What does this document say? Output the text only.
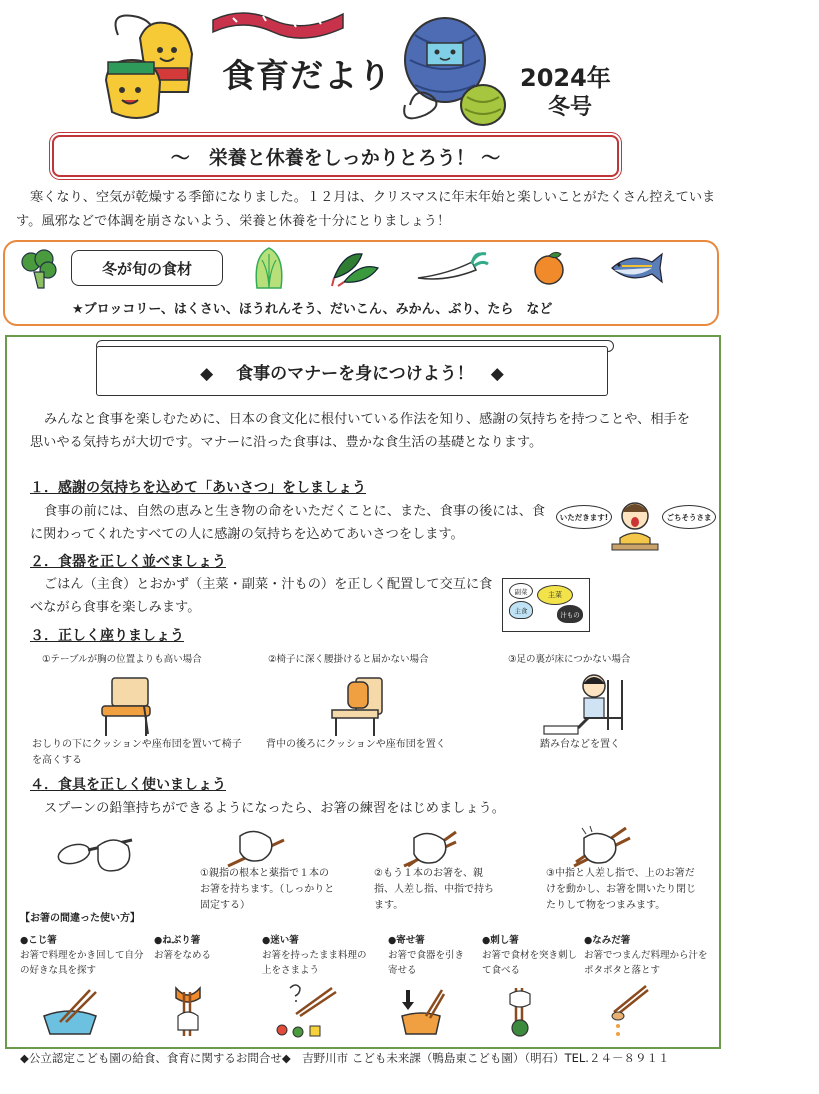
食育だより	2024年
冬号
～　栄養と休養をしっかりとろう！ ～
寒くなり、空気が乾燥する季節になりました。１２月は、クリスマスに年末年始と楽しいことがたくさん控えています。風邪などで体調を崩さないよう、栄養と休養を十分にとりましょう！
冬が旬の食材
★ブロッコリー、はくさい、ほうれんそう、だいこん、みかん、ぶり、たら　など
◆　 食事のマナーを身につけよう！　◆
みんなと食事を楽しむために、日本の食文化に根付いている作法を知り、感謝の気持ちを持つことや、相手を思いやる気持ちが大切です。マナーに沿った食事は、豊かな食生活の基礎となります。
１．感謝の気持ちを込めて「あいさつ」をしましょう
食事の前には、自然の恵みと生き物の命をいただくことに、また、食事の後には、食に関わってくれたすべての人に感謝の気持ちを込めてあいさつをします。
いただきます!	ごちそうさま
２．食器を正しく並べましょう
ごはん（主食）とおかず（主菜・副菜・汁もの）を正しく配置して交互に食べながら食事を楽しみます。
副菜	主菜
主食	汁もの
３．正しく座りましょう
①テーブルが胸の位置よりも高い場合	②椅子に深く腰掛けると届かない場合	③足の裏が床につかない場合
おしりの下にクッションや座布団を置いて椅子を高くする
背中の後ろにクッションや座布団を置く	踏み台などを置く
４．食具を正しく使いましょう
スプーンの鉛筆持ちができるようになったら、お箸の練習をはじめましょう。
①親指の根本と薬指で１本のお箸を持ちます。（しっかりと固定する）
②もう１本のお箸を、親指、人差し指、中指で持ちます。
③中指と人差し指で、上のお箸だけを動かし、お箸を開いたり閉じたりして物をつまみます。
【お箸の間違った使い方】
●こじ箸
お箸で料理をかき回して自分の好きな具を探す
●ねぶり箸
お箸をなめる
●迷い箸
お箸を持ったまま料理の上をさまよう
●寄せ箸
お箸で食器を引き寄せる
●刺し箸
お箸で食材を突き刺して食べる
●なみだ箸
お箸でつまんだ料理から汁をポタポタと落とす
◆公立認定こども園の給食、食育に関するお問合せ◆　吉野川市 こども未来課（鴨島東こども園）（明石）TEL.２４－８９１１
